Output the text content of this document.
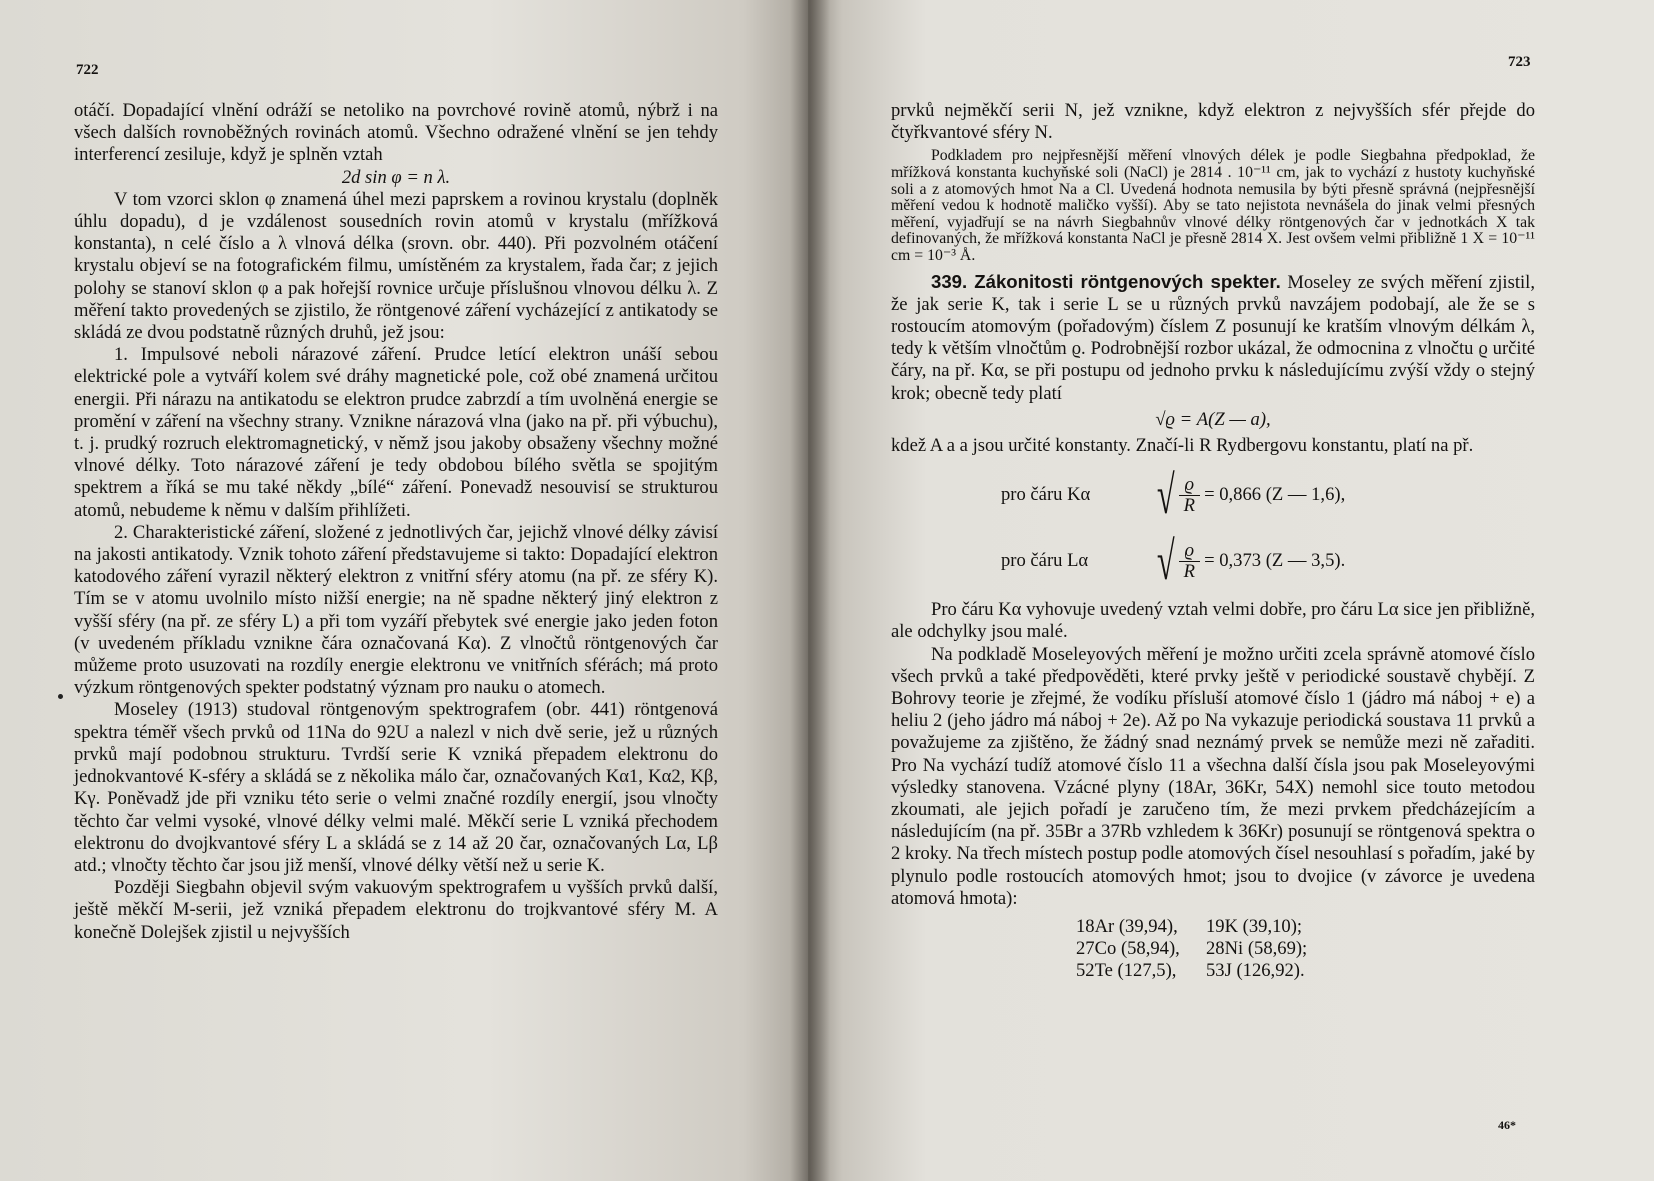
722

otáčí. Dopadající vlnění odráží se netoliko na povrchové rovině atomů, nýbrž i na všech dalších rovnoběžných rovinách atomů. Všechno odražené vlnění se jen tehdy interferencí zesiluje, když je splněn vztah

2d sin φ = n λ.

V tom vzorci sklon φ znamená úhel mezi paprskem a rovinou krystalu (doplněk úhlu dopadu), d je vzdálenost sousedních rovin atomů v krystalu (mřížková konstanta), n celé číslo a λ vlnová délka (srovn. obr. 440). Při pozvolném otáčení krystalu objeví se na fotografickém filmu, umístěném za krystalem, řada čar; z jejich polohy se stanoví sklon φ a pak hořejší rovnice určuje příslušnou vlnovou délku λ. Z měření takto provedených se zjistilo, že röntgenové záření vycházející z antikatody se skládá ze dvou podstatně různých druhů, jež jsou:

1. Impulsové neboli nárazové záření. Prudce letící elektron unáší sebou elektrické pole a vytváří kolem své dráhy magnetické pole, což obé znamená určitou energii. Při nárazu na antikatodu se elektron prudce zabrzdí a tím uvolněná energie se promění v záření na všechny strany. Vznikne nárazová vlna (jako na př. při výbuchu), t. j. prudký rozruch elektromagnetický, v němž jsou jakoby obsaženy všechny možné vlnové délky. Toto nárazové záření je tedy obdobou bílého světla se spojitým spektrem a říká se mu také někdy „bílé“ záření. Ponevadž nesouvisí se strukturou atomů, nebudeme k němu v dalším přihlížeti.

2. Charakteristické záření, složené z jednotlivých čar, jejichž vlnové délky závisí na jakosti antikatody. Vznik tohoto záření představujeme si takto: Dopadající elektron katodového záření vyrazil některý elektron z vnitřní sféry atomu (na př. ze sféry K). Tím se v atomu uvolnilo místo nižší energie; na ně spadne některý jiný elektron z vyšší sféry (na př. ze sféry L) a při tom vyzáří přebytek své energie jako jeden foton (v uvedeném příkladu vznikne čára označovaná Kα). Z vlnočtů röntgenových čar můžeme proto usuzovati na rozdíly energie elektronu ve vnitřních sférách; má proto výzkum röntgenových spekter podstatný význam pro nauku o atomech.

Moseley (1913) studoval röntgenovým spektrografem (obr. 441) röntgenová spektra téměř všech prvků od 11Na do 92U a nalezl v nich dvě serie, jež u různých prvků mají podobnou strukturu. Tvrdší serie K vzniká přepadem elektronu do jednokvantové K-sféry a skládá se z několika málo čar, označovaných Kα1, Kα2, Kβ, Kγ. Poněvadž jde při vzniku této serie o velmi značné rozdíly energií, jsou vlnočty těchto čar velmi vysoké, vlnové délky velmi malé. Měkčí serie L vzniká přechodem elektronu do dvojkvantové sféry L a skládá se z 14 až 20 čar, označovaných Lα, Lβ atd.; vlnočty těchto čar jsou již menší, vlnové délky větší než u serie K.

Později Siegbahn objevil svým vakuovým spektrografem u vyšších prvků další, ještě měkčí M-serii, jež vzniká přepadem elektronu do trojkvantové sféry M. A konečně Dolejšek zjistil u nejvyšších

723

prvků nejměkčí serii N, jež vznikne, když elektron z nejvyšších sfér přejde do čtyřkvantové sféry N.

Podkladem pro nejpřesnější měření vlnových délek je podle Siegbahna předpoklad, že mřížková konstanta kuchyňské soli (NaCl) je 2814 . 10⁻¹¹ cm, jak to vychází z hustoty kuchyňské soli a z atomových hmot Na a Cl. Uvedená hodnota nemusila by býti přesně správná (nejpřesnější měření vedou k hodnotě maličko vyšší). Aby se tato nejistota nevnášela do jinak velmi přesných měření, vyjadřují se na návrh Siegbahnův vlnové délky röntgenových čar v jednotkách X tak definovaných, že mřížková konstanta NaCl je přesně 2814 X. Jest ovšem velmi přibližně 1 X = 10⁻¹¹ cm = 10⁻³ Å.

339. Zákonitosti röntgenových spekter. Moseley ze svých měření zjistil, že jak serie K, tak i serie L se u různých prvků navzájem podobají, ale že se s rostoucím atomovým (pořadovým) číslem Z posunují ke kratším vlnovým délkám λ, tedy k větším vlnočtům ϱ. Podrobnější rozbor ukázal, že odmocnina z vlnočtu ϱ určité čáry, na př. Kα, se při postupu od jednoho prvku k následujícímu zvýší vždy o stejný krok; obecně tedy platí

√ϱ = A(Z — a),

kdež A a a jsou určité konstanty. Značí-li R Rydbergovu konstantu, platí na př.

pro čáru Kα	√ $\frac{ϱ}{R} = 0,866$ (Z — 1,6),
pro čáru Lα	√ $\frac{ϱ}{R} = 0,373$ (Z — 3,5).

Pro čáru Kα vyhovuje uvedený vztah velmi dobře, pro čáru Lα sice jen přibližně, ale odchylky jsou malé.

Na podkladě Moseleyových měření je možno určiti zcela správně atomové číslo všech prvků a také předpověděti, které prvky ještě v periodické soustavě chybějí. Z Bohrovy teorie je zřejmé, že vodíku přísluší atomové číslo 1 (jádro má náboj + e) a heliu 2 (jeho jádro má náboj + 2e). Až po Na vykazuje periodická soustava 11 prvků a považujeme za zjištěno, že žádný snad neznámý prvek se nemůže mezi ně zařaditi. Pro Na vychází tudíž atomové číslo 11 a všechna další čísla jsou pak Moseleyovými výsledky stanovena. Vzácné plyny (18Ar, 36Kr, 54X) nemohl sice touto metodou zkoumati, ale jejich pořadí je zaručeno tím, že mezi prvkem předcházejícím a následujícím (na př. 35Br a 37Rb vzhledem k 36Kr) posunují se röntgenová spektra o 2 kroky. Na třech místech postup podle atomových čísel nesouhlasí s pořadím, jaké by plynulo podle rostoucích atomových hmot; jsou to dvojice (v závorce je uvedena atomová hmota):

18Ar (39,94),	19K (39,10);
27Co (58,94),	28Ni (58,69);
52Te (127,5),	53J (126,92).
46*
